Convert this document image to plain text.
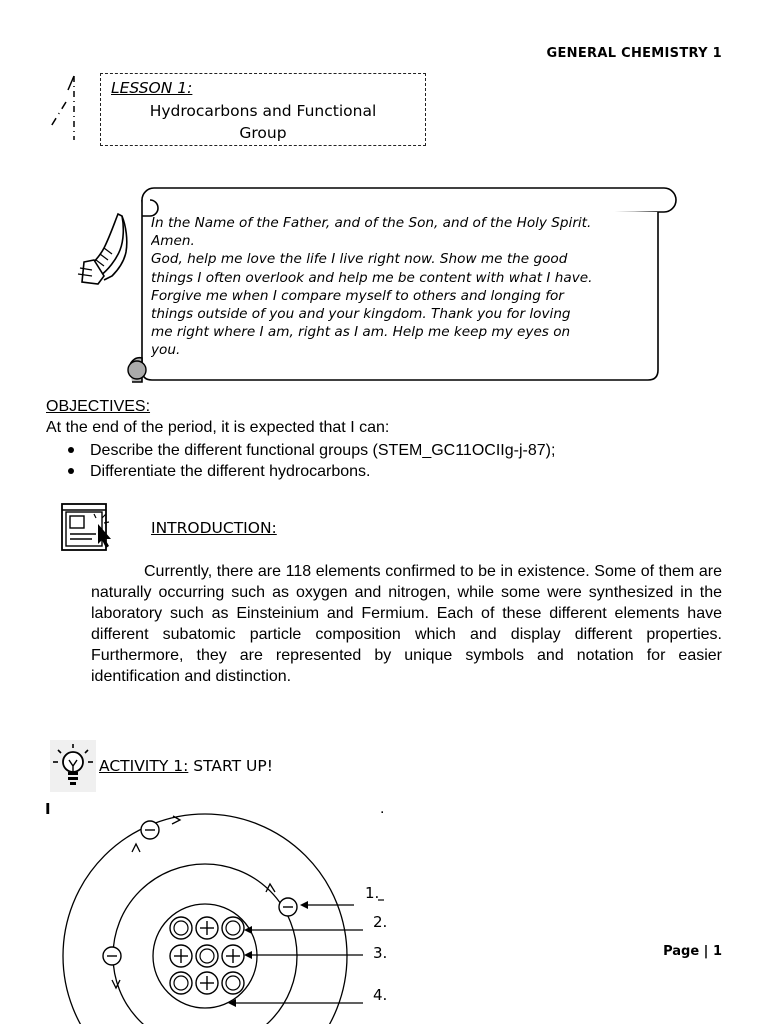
GENERAL CHEMISTRY 1
LESSON 1:
Hydrocarbons and Functional
Group

In the Name of the Father, and of the Son, and of the Holy Spirit.

Amen.

God, help me love the life I live right now. Show me the good

things I often overlook and help me be content with what I have.

Forgive me when I compare myself to others and longing for

things outside of you and your kingdom. Thank you for loving

me right where I am, right as I am. Help me keep my eyes on

you.

OBJECTIVES:
At the end of the period, it is expected that I can:
Describe the different functional groups (STEM_GC11OCIIg-j-87);
Differentiate the different hydrocarbons.
INTRODUCTION:

Currently, there are 118 elements confirmed to be in existence. Some of them are naturally occurring such as oxygen and nitrogen, while some were synthesized in the laboratory such as Einsteinium and Fermium. Each of these different elements have different subatomic particle composition which and display different properties. Furthermore, they are represented by unique symbols and notation for easier identification and distinction.

ACTIVITY 1: START UP!
I	.
1.
2.
3.
4.
Page | 1
